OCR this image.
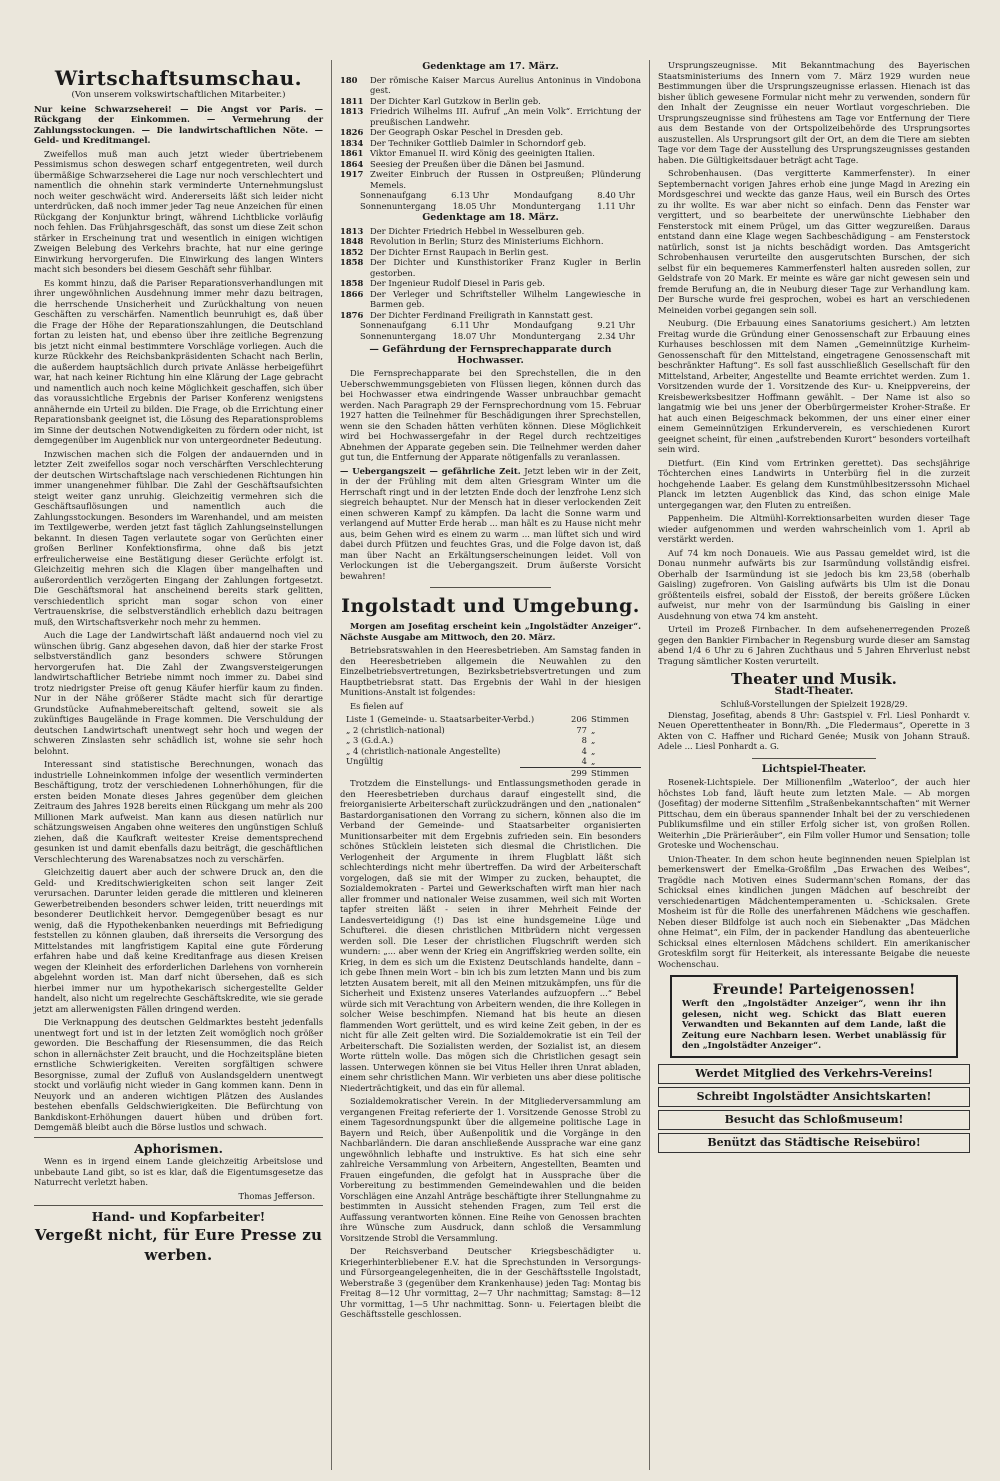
Wirtschaftsumschau.
(Von unserem volkswirtschaftlichen Mitarbeiter.)

Nur keine Schwarzseherei! — Die Angst vor Paris. — Rückgang der Einkommen. — Vermehrung der Zahlungsstockungen. — Die landwirtschaftlichen Nöte. — Geld- und Kreditmangel.

Zweifellos muß man auch jetzt wieder übertriebenem Pessimismus schon deswegen scharf entgegentreten, weil durch übermäßige Schwarzseherei die Lage nur noch verschlechtert und namentlich die ohnehin stark verminderte Unternehmungslust noch weiter geschwächt wird. Andererseits läßt sich leider nicht unterdrücken, daß noch immer jeder Tag neue Anzeichen für einen Rückgang der Konjunktur bringt, während Lichtblicke vorläufig noch fehlen. Das Frühjahrsgeschäft, das sonst um diese Zeit schon stärker in Erscheinung trat und wesentlich in einigen wichtigen Zweigen Belebung des Verkehrs brachte, hat nur eine geringe Einwirkung hervorgerufen. Die Einwirkung des langen Winters macht sich besonders bei diesem Geschäft sehr fühlbar.

Es kommt hinzu, daß die Pariser Reparationsverhandlungen mit ihrer ungewöhnlichen Ausdehnung immer mehr dazu beitragen, die herrschende Unsicherheit und Zurückhaltung von neuen Geschäften zu verschärfen. Namentlich beunruhigt es, daß über die Frage der Höhe der Reparationszahlungen, die Deutschland fortan zu leisten hat, und ebenso über ihre zeitliche Begrenzung bis jetzt nicht einmal bestimmtere Vorschläge vorliegen. Auch die kurze Rückkehr des Reichsbankpräsidenten Schacht nach Berlin, die außerdem hauptsächlich durch private Anlässe herbeigeführt war, hat nach keiner Richtung hin eine Klärung der Lage gebracht und namentlich auch noch keine Möglichkeit geschaffen, sich über das voraussichtliche Ergebnis der Pariser Konferenz wenigstens annähernde ein Urteil zu bilden. Die Frage, ob die Errichtung einer Reparationsbank geeignet ist, die Lösung des Reparationsproblems im Sinne der deutschen Notwendigkeiten zu fördern oder nicht, ist demgegenüber im Augenblick nur von untergeordneter Bedeutung.

Inzwischen machen sich die Folgen der andauernden und in letzter Zeit zweifellos sogar noch verschärften Verschlechterung der deutschen Wirtschaftslage nach verschiedenen Richtungen hin immer unangenehmer fühlbar. Die Zahl der Geschäftsaufsichten steigt weiter ganz unruhig. Gleichzeitig vermehren sich die Geschäftsauflösungen und namentlich auch die Zahlungsstockungen. Besonders im Warenhandel, und am meisten im Textilgewerbe, werden jetzt fast täglich Zahlungseinstellungen bekannt. In diesen Tagen verlautete sogar von Gerüchten einer großen Berliner Konfektionsfirma, ohne daß bis jetzt erfreulicherweise eine Bestätigung dieser Gerüchte erfolgt ist. Gleichzeitig mehren sich die Klagen über mangelhaften und außerordentlich verzögerten Eingang der Zahlungen fortgesetzt. Die Geschäftsmoral hat anscheinend bereits stark gelitten, verschiedentlich spricht man sogar schon von einer Vertrauenskrise, die selbstverständlich erheblich dazu beitragen muß, den Wirtschaftsverkehr noch mehr zu hemmen.

Auch die Lage der Landwirtschaft läßt andauernd noch viel zu wünschen übrig. Ganz abgesehen davon, daß hier der starke Frost selbstverständlich ganz besonders schwere Störungen hervorgerufen hat. Die Zahl der Zwangsversteigerungen landwirtschaftlicher Betriebe nimmt noch immer zu. Dabei sind trotz niedrigster Preise oft genug Käufer hierfür kaum zu finden. Nur in der Nähe größerer Städte macht sich für derartige Grundstücke Aufnahmebereitschaft geltend, soweit sie als zukünftiges Baugelände in Frage kommen. Die Verschuldung der deutschen Landwirtschaft unentwegt sehr hoch und wegen der schweren Zinslasten sehr schädlich ist, wohne sie sehr hoch belohnt.

Interessant sind statistische Berechnungen, wonach das industrielle Lohneinkommen infolge der wesentlich verminderten Beschäftigung, trotz der verschiedenen Lohnerhöhungen, für die ersten beiden Monate dieses Jahres gegenüber dem gleichen Zeitraum des Jahres 1928 bereits einen Rückgang um mehr als 200 Millionen Mark aufweist. Man kann aus diesen natürlich nur schätzungsweisen Angaben ohne weiteres den ungünstigen Schluß ziehen, daß die Kaufkraft weitester Kreise dementsprechend gesunken ist und damit ebenfalls dazu beiträgt, die geschäftlichen Verschlechterung des Warenabsatzes noch zu verschärfen.

Gleichzeitig dauert aber auch der schwere Druck an, den die Geld- und Kreditschwierigkeiten schon seit langer Zeit verursachen. Darunter leiden gerade die mittleren und kleineren Gewerbetreibenden besonders schwer leiden, tritt neuerdings mit besonderer Deutlichkeit hervor. Demgegenüber besagt es nur wenig, daß die Hypothekenbanken neuerdings mit Befriedigung feststellen zu können glauben, daß ihrerseits die Versorgung des Mittelstandes mit langfristigem Kapital eine gute Förderung erfahren habe und daß keine Kreditanfrage aus diesen Kreisen wegen der Kleinheit des erforderlichen Darlehens von vornherein abgelehnt worden ist. Man darf nicht übersehen, daß es sich hierbei immer nur um hypothekarisch sichergestellte Gelder handelt, also nicht um regelrechte Geschäftskredite, wie sie gerade jetzt am allerwenigsten Fällen dringend werden.

Die Verknappung des deutschen Geldmarktes besteht jedenfalls unentwegt fort und ist in der letzten Zeit womöglich noch größer geworden. Die Beschaffung der Riesensummen, die das Reich schon in allernächster Zeit braucht, und die Hochzeitspläne bieten ernstliche Schwierigkeiten. Vereiten sorgfältigen schwere Besorgnisse, zumal der Zufluß von Auslandsgeldern unentwegt stockt und vorläufig nicht wieder in Gang kommen kann. Denn in Neuyork und an anderen wichtigen Plätzen des Auslandes bestehen ebenfalls Geldschwierigkeiten. Die Befürchtung von Bankdiskont-Erhöhungen dauert hüben und drüben fort. Demgemäß bleibt auch die Börse lustlos und schwach.

Aphorismen.

Wenn es in irgend einem Lande gleichzeitig Arbeitslose und unbebaute Land gibt, so ist es klar, daß die Eigentumsgesetze das Naturrecht verletzt haben.

Thomas Jefferson.
Hand- und Kopfarbeiter!
Vergeßt nicht, für Eure Presse zu werben.
Gedenktage am 17. März.
180	Der römische Kaiser Marcus Aurelius Antoninus in Vindobona gest.
1811 Der Dichter Karl Gutzkow in Berlin geb.
1813 Friedrich Wilhelms III. Aufruf „An mein Volk“. Errichtung der preußischen Landwehr.
1826 Der Geograph Oskar Peschel in Dresden geb.
1834 Der Techniker Gottlieb Daimler in Schorndorf geb.
1861 Viktor Emanuel II. wird König des geeinigten Italien.
1864 Seesieg der Preußen über die Dänen bei Jasmund.
1917 Zweiter Einbruch der Russen in Ostpreußen; Plünderung Memels.
Sonnenaufgang	6.13 Uhr	Mondaufgang	8.40 Uhr
Sonnenuntergang 18.05 Uhr Monduntergang 1.11 Uhr
Gedenktage am 18. März.
1813 Der Dichter Friedrich Hebbel in Wesselburen geb.
1848 Revolution in Berlin; Sturz des Ministeriums Eichhorn.
1852 Der Dichter Ernst Raupach in Berlin gest.
1858 Der Dichter und Kunsthistoriker Franz Kugler in Berlin gestorben.
1858 Der Ingenieur Rudolf Diesel in Paris geb.
1866 Der Verleger und Schriftsteller Wilhelm Langewiesche in Barmen geb.
1876 Der Dichter Ferdinand Freiligrath in Kannstatt gest.
Sonnenaufgang	6.11 Uhr	Mondaufgang	9.21 Uhr
Sonnenuntergang 18.07 Uhr Monduntergang 2.34 Uhr
— Gefährdung der Fernsprechapparate durch Hochwasser.

Die Fernsprechapparate bei den Sprechstellen, die in den Ueberschwemmungsgebieten von Flüssen liegen, können durch das bei Hochwasser etwa eindringende Wasser unbrauchbar gemacht werden. Nach Paragraph 29 der Fernsprechordnung vom 15. Februar 1927 hatten die Teilnehmer für Beschädigungen ihrer Sprechstellen, wenn sie den Schaden hätten verhüten können. Diese Möglichkeit wird bei Hochwassergefahr in der Regel durch rechtzeitiges Abnehmen der Apparate gegeben sein. Die Teilnehmer werden daher gut tun, die Entfernung der Apparate nötigenfalls zu veranlassen.

— Uebergangszeit — gefährliche Zeit. Jetzt leben wir in der Zeit, in der der Frühling mit dem alten Griesgram Winter um die Herrschaft ringt und in der letzten Ende doch der lenzfrohe Lenz sich siegreich behauptet. Nur der Mensch hat in dieser verlockenden Zeit einen schweren Kampf zu kämpfen. Da lacht die Sonne warm und verlangend auf Mutter Erde herab ... man hält es zu Hause nicht mehr aus, beim Gehen wird es einem zu warm ... man lüftet sich und wird dabei durch Pfützen und feuchtes Gras, und die Folge davon ist, daß man über Nacht an Erkältungserscheinungen leidet. Voll von Verlockungen ist die Uebergangszeit. Drum äußerste Vorsicht bewahren!

Ingolstadt und Umgebung.

Morgen am Josefitag erscheint kein „Ingolstädter Anzeiger“. Nächste Ausgabe am Mittwoch, den 20. März.

Betriebsratswahlen in den Heeresbetrieben. Am Samstag fanden in den Heeresbetrieben allgemein die Neuwahlen zu den Einzelbetriebsvertretungen, Bezirksbetriebsvertretungen und zum Hauptbetriebsrat statt. Das Ergebnis der Wahl in der hiesigen Munitions-Anstalt ist folgendes:

Es fielen auf

Liste 1 (Gemeinde- u. Staatsarbeiter-Verbd.)	206 Stimmen
„ 2 (christlich-national)	77 „
„ 3 (G.d.A.)	8 „
„ 4 (christlich-nationale Angestellte)	4 „
Ungültig	4 „
299 Stimmen

Trotzdem die Einstellungs- und Entlassungsmethoden gerade in den Heeresbetrieben durchaus darauf eingestellt sind, die freiorganisierte Arbeiterschaft zurückzudrängen und den „nationalen“ Bastardorganisationen den Vorrang zu sichern, können also die im Verband der Gemeinde- und Staatsarbeiter organisierten Munitionsarbeiter mit dem Ergebnis zufrieden sein. Ein besonders schönes Stücklein leisteten sich diesmal die Christlichen. Die Verlogenheit der Argumente in ihrem Flugblatt läßt sich schlechterdings nicht mehr übertreffen. Da wird der Arbeiterschaft vorgelogen, daß sie mit der Wimper zu zucken, behauptet, die Sozialdemokraten - Partei und Gewerkschaften wirft man hier nach aller frommer und nationaler Weise zusammen, weil sich mit Worten tapfer streiten läßt - seien in ihrer Mehrheit Feinde der Landesverteidigung (!) Das ist eine hundsgemeine Lüge und Schufterei. die diesen christlichen Mitbrüdern nicht vergessen werden soll. Die Leser der christlichen Flugschrift werden sich wundern: „... aber wenn der Krieg ein Angriffskrieg werden sollte, ein Krieg, in dem es sich um die Existenz Deutschlands handelte, dann – ich gebe Ihnen mein Wort – bin ich bis zum letzten Mann und bis zum letzten Ausatem bereit, mit all den Meinen mitzukämpfen, uns für die Sicherheit und Existenz unseres Vaterlandes aufzuopfern ...“ Bebel würde sich mit Verachtung von Arbeitern wenden, die ihre Kollegen in solcher Weise beschimpfen. Niemand hat bis heute an diesen flammenden Wort gerüttelt, und es wird keine Zeit geben, in der es nicht für alle Zeit gelten wird. Die Sozialdemokratie ist ein Teil der Arbeiterschaft. Die Sozialisten werden, der Sozialist ist, an diesem Worte rütteln wolle. Das mögen sich die Christlichen gesagt sein lassen. Unterwegen können sie bei Vitus Heller ihren Unrat abladen, einem sehr christlichen Mann. Wir verbieten uns aber diese politische Niederträchtigkeit, und das ein für allemal.

Sozialdemokratischer Verein. In der Mitgliederversammlung am vergangenen Freitag referierte der 1. Vorsitzende Genosse Strobl zu einem Tagesordnungspunkt über die allgemeine politische Lage in Bayern und Reich, über Außenpolitik und die Vorgänge in den Nachbarländern. Die daran anschließende Aussprache war eine ganz ungewöhnlich lebhafte und instruktive. Es hat sich eine sehr zahlreiche Versammlung von Arbeitern, Angestellten, Beamten und Frauen eingefunden, die gefolgt hat in Aussprache über die Vorbereitung zu bestimmenden Gemeindewahlen und die beiden Vorschlägen eine Anzahl Anträge beschäftigte ihrer Stellungnahme zu bestimmten in Aussicht stehenden Fragen, zum Teil erst die Auffassung verantworten können. Eine Reihe von Genossen brachten ihre Wünsche zum Ausdruck, dann schloß die Versammlung Vorsitzende Strobl die Versammlung.

Der Reichsverband Deutscher Kriegsbeschädigter u. Kriegerhinterbliebener E.V. hat die Sprechstunden in Versorgungs- und Fürsorgeangelegenheiten, die in der Geschäftsstelle Ingolstadt, Weberstraße 3 (gegenüber dem Krankenhause) jeden Tag: Montag bis Freitag 8—12 Uhr vormittag, 2—7 Uhr nachmittag; Samstag: 8—12 Uhr vormittag, 1—5 Uhr nachmittag. Sonn- u. Feiertagen bleibt die Geschäftsstelle geschlossen.

Ursprungszeugnisse. Mit Bekanntmachung des Bayerischen Staatsministeriums des Innern vom 7. März 1929 wurden neue Bestimmungen über die Ursprungszeugnisse erlassen. Hienach ist das bisher üblich gewesene Formular nicht mehr zu verwenden, sondern für den Inhalt der Zeugnisse ein neuer Wortlaut vorgeschrieben. Die Ursprungszeugnisse sind frühestens am Tage vor Entfernung der Tiere aus dem Bestande von der Ortspolizeibehörde des Ursprungsortes auszustellen. Als Ursprungsort gilt der Ort, an dem die Tiere am siebten Tage vor dem Tage der Ausstellung des Ursprungszeugnisses gestanden haben. Die Gültigkeitsdauer beträgt acht Tage.

Schrobenhausen. (Das vergitterte Kammerfenster). In einer Septembernacht vorigen Jahres erhob eine junge Magd in Arezing ein Mordsgeschrei und weckte das ganze Haus, weil ein Bursch des Ortes zu ihr wollte. Es war aber nicht so einfach. Denn das Fenster war vergittert, und so bearbeitete der unerwünschte Liebhaber den Fensterstock mit einem Prügel, um das Gitter wegzureißen. Daraus entstand dann eine Klage wegen Sachbeschädigung – am Fensterstock natürlich, sonst ist ja nichts beschädigt worden. Das Amtsgericht Schrobenhausen verurteilte den ausgerutschten Burschen, der sich selbst für ein bequemeres Kammerfensterl halten ausreden sollen, zur Geldstrafe von 20 Mark. Er meinte es wäre gar nicht gewesen sein und fremde Berufung an, die in Neuburg dieser Tage zur Verhandlung kam. Der Bursche wurde frei gesprochen, wobei es hart an verschiedenen Meineiden vorbei gegangen sein soll.

Neuburg. (Die Erbauung eines Sanatoriums gesichert.) Am letzten Freitag wurde die Gründung einer Genossenschaft zur Erbauung eines Kurhauses beschlossen mit dem Namen „Gemeinnützige Kurheim-Genossenschaft für den Mittelstand, eingetragene Genossenschaft mit beschränkter Haftung“. Es soll fast ausschließlich Gesellschaft für den Mittelstand, Arbeiter, Angestellte und Beamte errichtet werden. Zum 1. Vorsitzenden wurde der 1. Vorsitzende des Kur- u. Kneippvereins, der Kreisbewerksbesitzer Hoffmann gewählt. – Der Name ist also so langatmig wie bei uns jener der Oberbürgermeister Kroher-Straße. Er hat auch einen Beigeschmack bekommen, der uns einer einer einer einem Gemeinnützigen Erkunderverein, es verschiedenen Kurort geeignet scheint, für einen „aufstrebenden Kurort“ besonders vorteilhaft sein wird.

Dietfurt. (Ein Kind vom Ertrinken gerettet). Das sechsjährige Töchterchen eines Landwirts in Unterbürg fiel in die zurzeit hochgehende Laaber. Es gelang dem Kunstmühlbesitzerssohn Michael Planck im letzten Augenblick das Kind, das schon einige Male untergegangen war, den Fluten zu entreißen.

Pappenheim. Die Altmühl-Korrektionsarbeiten wurden dieser Tage wieder aufgenommen und werden wahrscheinlich vom 1. April ab verstärkt werden.

Auf 74 km noch Donaueis. Wie aus Passau gemeldet wird, ist die Donau nunmehr aufwärts bis zur Isarmündung vollständig eisfrei. Oberhalb der Isarmündung ist sie jedoch bis km 23,58 (oberhalb Gaisling) zugefroren. Von Gaisling aufwärts bis Ulm ist die Donau größtenteils eisfrei, sobald der Eisstoß, der bereits größere Lücken aufweist, nur mehr von der Isarmündung bis Gaisling in einer Ausdehnung von etwa 74 km ansteht.

Urteil im Prozeß Firnbacher. In dem aufsehenerregenden Prozeß gegen den Bankier Firnbacher in Regensburg wurde dieser am Samstag abend 1/4 6 Uhr zu 6 Jahren Zuchthaus und 5 Jahren Ehrverlust nebst Tragung sämtlicher Kosten verurteilt.

Theater und Musik.
Stadt-Theater.
Schluß-Vorstellungen der Spielzeit 1928/29.

Dienstag, Josefitag, abends 8 Uhr: Gastspiel v. Frl. Liesl Ponhardt v. Neuen Operettentheater in Bonn/Rh. „Die Fledermaus“, Operette in 3 Akten von C. Haffner und Richard Genée; Musik von Johann Strauß. Adele ... Liesl Ponhardt a. G.

Lichtspiel-Theater.

Rosenek-Lichtspiele. Der Millionenfilm „Waterloo“, der auch hier höchstes Lob fand, läuft heute zum letzten Male. — Ab morgen (Josefitag) der moderne Sittenfilm „Straßenbekanntschaften“ mit Werner Pittschau, dem ein überaus spannender Inhalt bei der zu verschiedenen Publikumsfilme und ein stiller Erfolg sicher ist, von großen Rollen. Weiterhin „Die Prärieräuber“, ein Film voller Humor und Sensation; tolle Groteske und Wochenschau.

Union-Theater. In dem schon heute beginnenden neuen Spielplan ist bemerkenswert der Emelka-Großfilm „Das Erwachen des Weibes“, Tragödie nach Motiven eines Sudermann'schen Romans, der das Schicksal eines kindlichen jungen Mädchen auf beschreibt der verschiedenartigen Mädchentemperamenten u. -Schicksalen. Grete Mosheim ist für die Rolle des unerfahrenen Mädchens wie geschaffen. Neben dieser Bildfolge ist auch noch ein Siebenakter „Das Mädchen ohne Heimat“, ein Film, der in packender Handlung das abenteuerliche Schicksal eines elternlosen Mädchens schildert. Ein amerikanischer Groteskfilm sorgt für Heiterkeit, als interessante Beigabe die neueste Wochenschau.

Freunde! Parteigenossen!
Werft den „Ingolstädter Anzeiger“, wenn ihr ihn gelesen, nicht weg. Schickt das Blatt eueren Verwandten und Bekannten auf dem Lande, laßt die Zeitung eure Nachbarn lesen. Werbet unablässig für den „Ingolstädter Anzeiger“.
Werdet Mitglied des Verkehrs-Vereins!
Schreibt Ingolstädter Ansichtskarten!
Besucht das Schloßmuseum!
Benützt das Städtische Reisebüro!
